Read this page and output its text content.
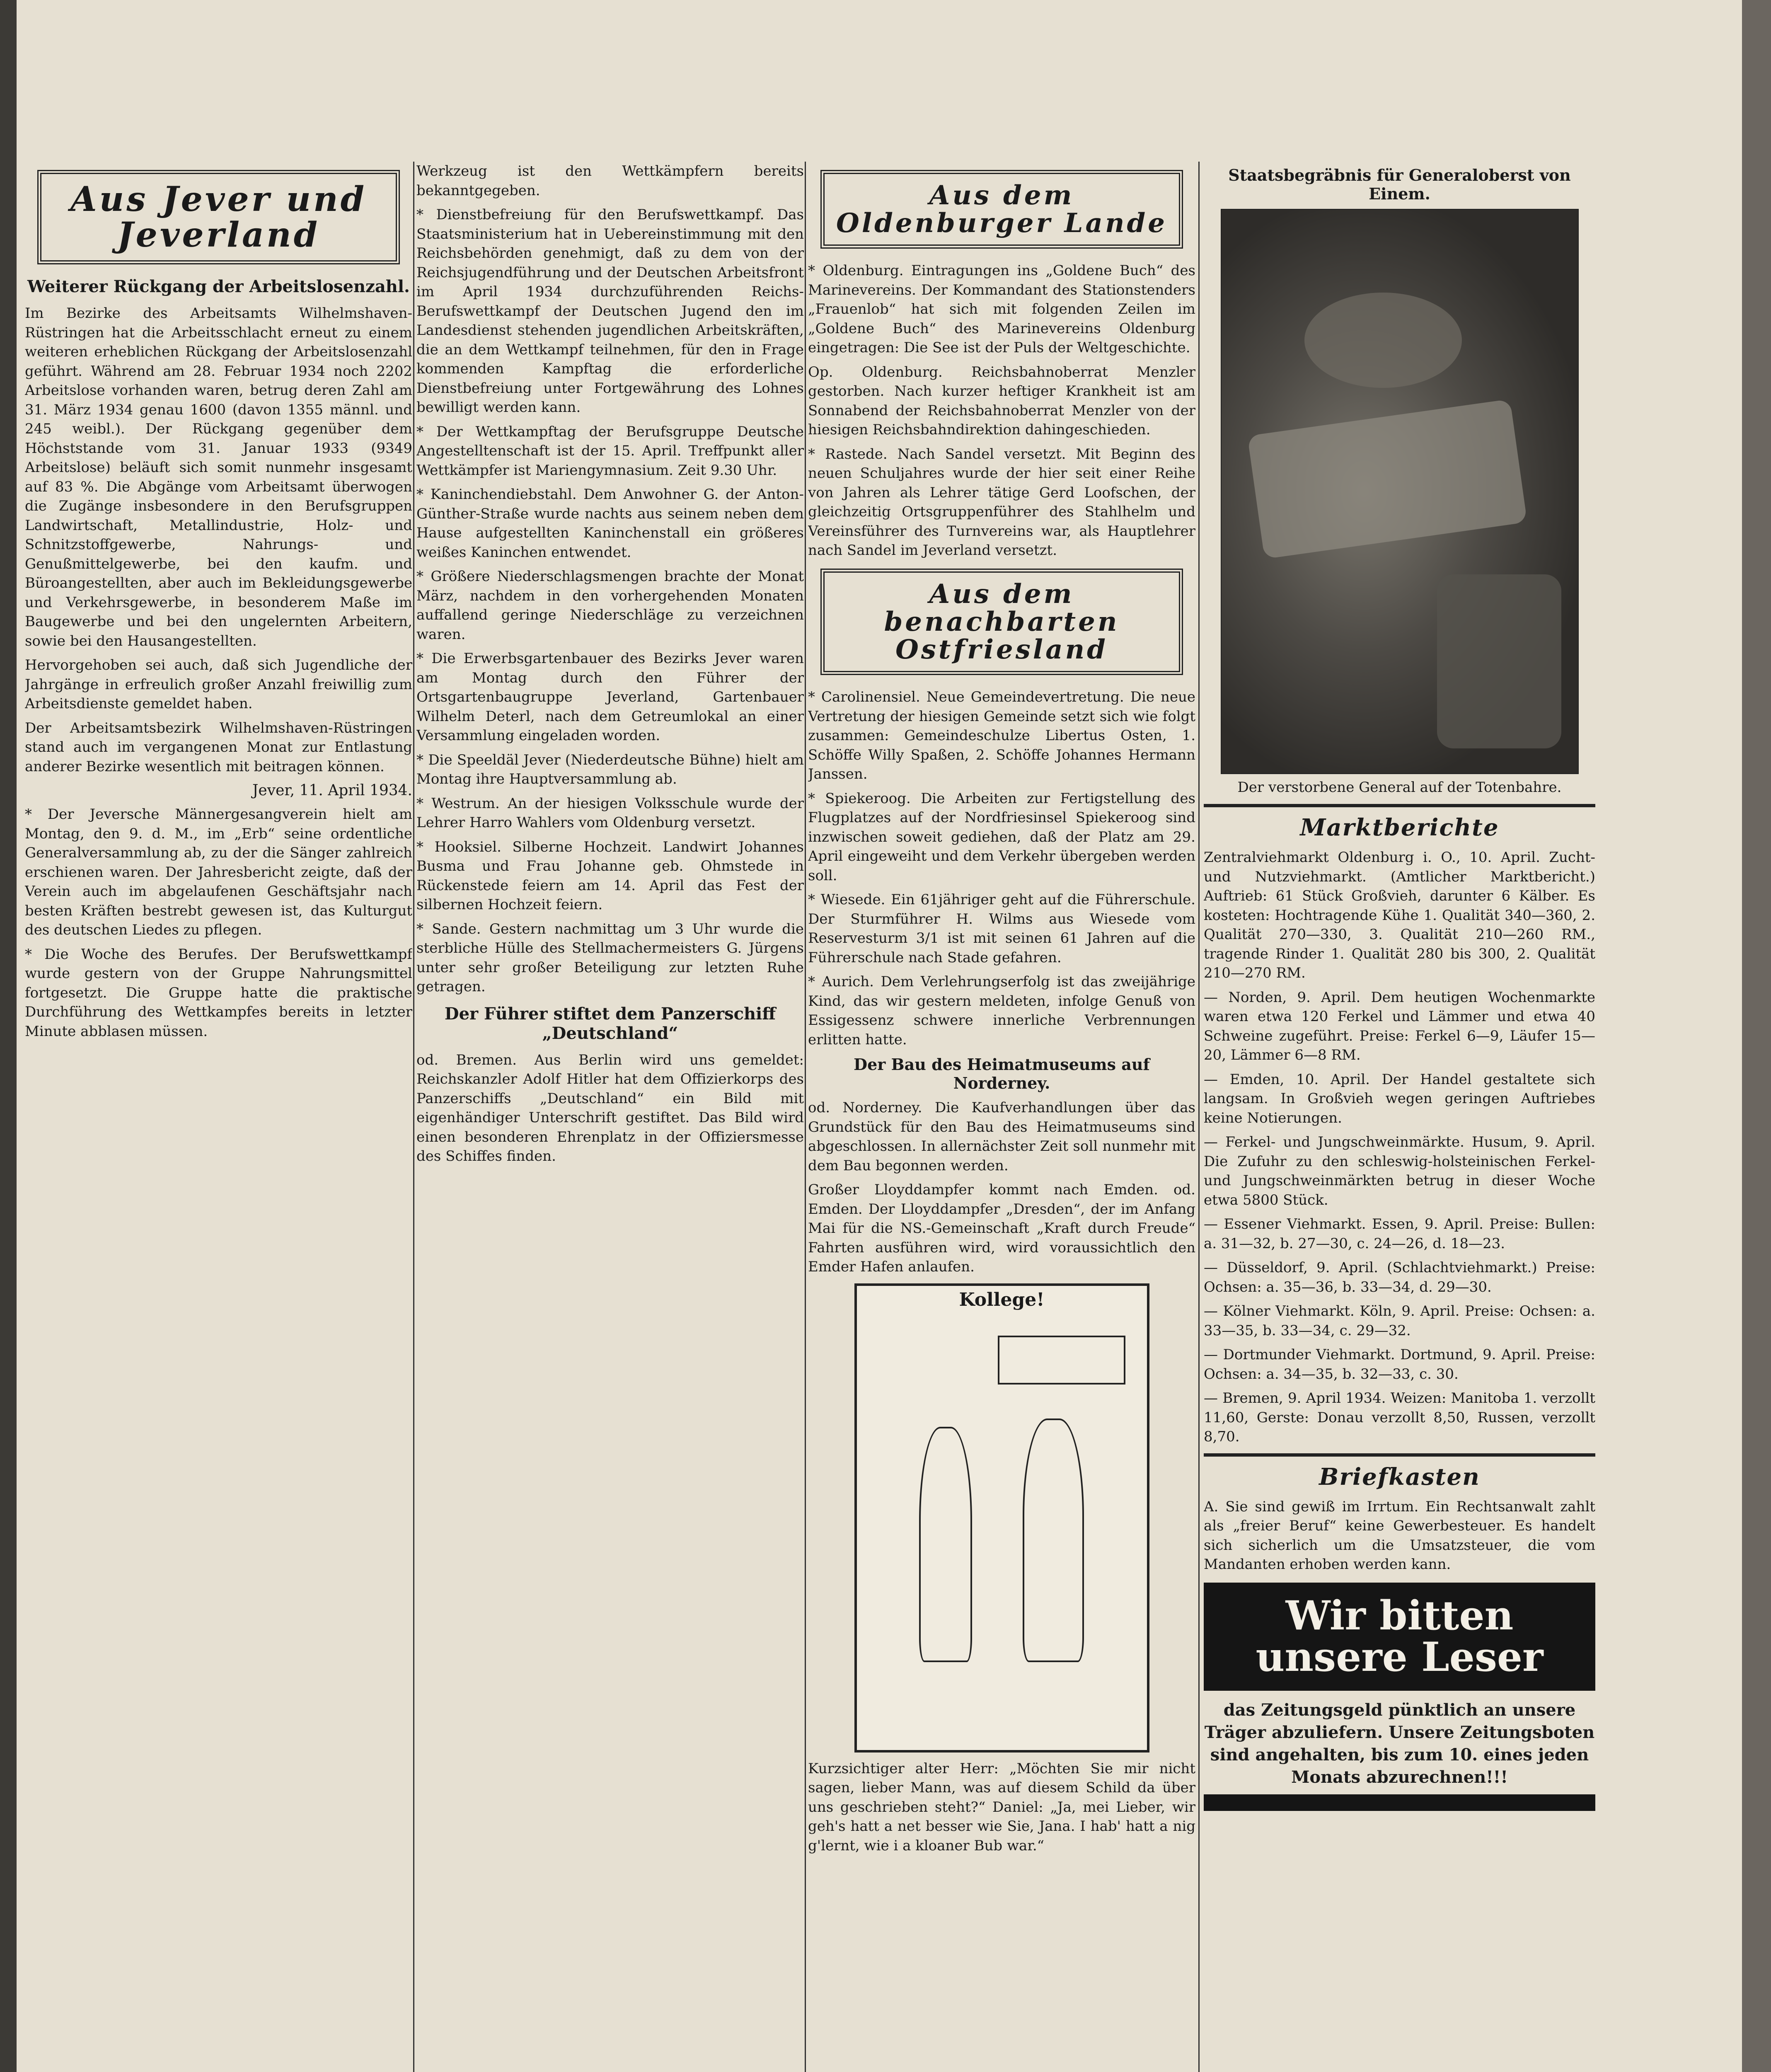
Aus Jever und Jeverland
Weiterer Rückgang der Arbeitslosenzahl.

Im Bezirke des Arbeitsamts Wilhelmshaven-Rüstringen hat die Arbeitsschlacht erneut zu einem weiteren erheblichen Rückgang der Arbeitslosenzahl geführt. Während am 28. Februar 1934 noch 2202 Arbeitslose vorhanden waren, betrug deren Zahl am 31. März 1934 genau 1600 (davon 1355 männl. und 245 weibl.). Der Rückgang gegenüber dem Höchststande vom 31. Januar 1933 (9349 Arbeitslose) beläuft sich somit nunmehr insgesamt auf 83 %. Die Abgänge vom Arbeitsamt überwogen die Zugänge insbesondere in den Berufsgruppen Landwirtschaft, Metallindustrie, Holz- und Schnitzstoffgewerbe, Nahrungs- und Genußmittelgewerbe, bei den kaufm. und Büroangestellten, aber auch im Bekleidungsgewerbe und Verkehrsgewerbe, in besonderem Maße im Baugewerbe und bei den ungelernten Arbeitern, sowie bei den Hausangestellten.

Hervorgehoben sei auch, daß sich Jugendliche der Jahrgänge in erfreulich großer Anzahl freiwillig zum Arbeitsdienste gemeldet haben.

Der Arbeitsamtsbezirk Wilhelmshaven-Rüstringen stand auch im vergangenen Monat zur Entlastung anderer Bezirke wesentlich mit beitragen können.

Jever, 11. April 1934.

* Der Jeversche Männergesangverein hielt am Montag, den 9. d. M., im „Erb“ seine ordentliche Generalversammlung ab, zu der die Sänger zahlreich erschienen waren. Der Jahresbericht zeigte, daß der Verein auch im abgelaufenen Geschäftsjahr nach besten Kräften bestrebt gewesen ist, das Kulturgut des deutschen Liedes zu pflegen.

* Die Woche des Berufes. Der Berufswettkampf wurde gestern von der Gruppe Nahrungsmittel fortgesetzt. Die Gruppe hatte die praktische Durchführung des Wettkampfes bereits in letzter Minute abblasen müssen.

Werkzeug ist den Wettkämpfern bereits bekanntgegeben.

* Dienstbefreiung für den Berufswettkampf. Das Staatsministerium hat in Uebereinstimmung mit den Reichsbehörden genehmigt, daß zu dem von der Reichsjugendführung und der Deutschen Arbeitsfront im April 1934 durchzuführenden Reichs-Berufswettkampf der Deutschen Jugend den im Landesdienst stehenden jugendlichen Arbeitskräften, die an dem Wettkampf teilnehmen, für den in Frage kommenden Kampftag die erforderliche Dienstbefreiung unter Fortgewährung des Lohnes bewilligt werden kann.

* Der Wettkampftag der Berufsgruppe Deutsche Angestelltenschaft ist der 15. April. Treffpunkt aller Wettkämpfer ist Mariengymnasium. Zeit 9.30 Uhr.

* Kaninchendiebstahl. Dem Anwohner G. der Anton-Günther-Straße wurde nachts aus seinem neben dem Hause aufgestellten Kaninchenstall ein größeres weißes Kaninchen entwendet.

* Größere Niederschlagsmengen brachte der Monat März, nachdem in den vorhergehenden Monaten auffallend geringe Niederschläge zu verzeichnen waren.

* Die Erwerbsgartenbauer des Bezirks Jever waren am Montag durch den Führer der Ortsgartenbaugruppe Jeverland, Gartenbauer Wilhelm Deterl, nach dem Getreumlokal an einer Versammlung eingeladen worden.

* Die Speeldäl Jever (Niederdeutsche Bühne) hielt am Montag ihre Hauptversammlung ab.

* Westrum. An der hiesigen Volksschule wurde der Lehrer Harro Wahlers vom Oldenburg versetzt.

* Hooksiel. Silberne Hochzeit. Landwirt Johannes Busma und Frau Johanne geb. Ohmstede in Rückenstede feiern am 14. April das Fest der silbernen Hochzeit feiern.

* Sande. Gestern nachmittag um 3 Uhr wurde die sterbliche Hülle des Stellmachermeisters G. Jürgens unter sehr großer Beteiligung zur letzten Ruhe getragen.

Der Führer stiftet dem Panzerschiff „Deutschland“

od. Bremen. Aus Berlin wird uns gemeldet: Reichskanzler Adolf Hitler hat dem Offizierkorps des Panzerschiffs „Deutschland“ ein Bild mit eigenhändiger Unterschrift gestiftet. Das Bild wird einen besonderen Ehrenplatz in der Offiziersmesse des Schiffes finden.

Aus dem Oldenburger Lande

* Oldenburg. Eintragungen ins „Goldene Buch“ des Marinevereins. Der Kommandant des Stationstenders „Frauenlob“ hat sich mit folgenden Zeilen im „Goldene Buch“ des Marinevereins Oldenburg eingetragen: Die See ist der Puls der Weltgeschichte.

Op. Oldenburg. Reichsbahnoberrat Menzler gestorben. Nach kurzer heftiger Krankheit ist am Sonnabend der Reichsbahnoberrat Menzler von der hiesigen Reichsbahndirektion dahingeschieden.

* Rastede. Nach Sandel versetzt. Mit Beginn des neuen Schuljahres wurde der hier seit einer Reihe von Jahren als Lehrer tätige Gerd Loofschen, der gleichzeitig Ortsgruppenführer des Stahlhelm und Vereinsführer des Turnvereins war, als Hauptlehrer nach Sandel im Jeverland versetzt.

Aus dem benachbarten Ostfriesland

* Carolinensiel. Neue Gemeindevertretung. Die neue Vertretung der hiesigen Gemeinde setzt sich wie folgt zusammen: Gemeindeschulze Libertus Osten, 1. Schöffe Willy Spaßen, 2. Schöffe Johannes Hermann Janssen.

* Spiekeroog. Die Arbeiten zur Fertigstellung des Flugplatzes auf der Nordfriesinsel Spiekeroog sind inzwischen soweit gediehen, daß der Platz am 29. April eingeweiht und dem Verkehr übergeben werden soll.

* Wiesede. Ein 61jähriger geht auf die Führerschule. Der Sturmführer H. Wilms aus Wiesede vom Reservesturm 3/1 ist mit seinen 61 Jahren auf die Führerschule nach Stade gefahren.

* Aurich. Dem Verlehrungserfolg ist das zweijährige Kind, das wir gestern meldeten, infolge Genuß von Essigessenz schwere innerliche Verbrennungen erlitten hatte.

Der Bau des Heimatmuseums auf Norderney.

od. Norderney. Die Kaufverhandlungen über das Grundstück für den Bau des Heimatmuseums sind abgeschlossen. In allernächster Zeit soll nunmehr mit dem Bau begonnen werden.

Großer Lloyddampfer kommt nach Emden. od. Emden. Der Lloyddampfer „Dresden“, der im Anfang Mai für die NS.-Gemeinschaft „Kraft durch Freude“ Fahrten ausführen wird, wird voraussichtlich den Emder Hafen anlaufen.

Kollege!

Kurzsichtiger alter Herr: „Möchten Sie mir nicht sagen, lieber Mann, was auf diesem Schild da über uns geschrieben steht?“ Daniel: „Ja, mei Lieber, wir geh's hatt a net besser wie Sie, Jana. I hab' hatt a nig g'lernt, wie i a kloaner Bub war.“

Staatsbegräbnis für Generaloberst von Einem.
Der verstorbene General auf der Totenbahre.
Marktberichte

Zentralviehmarkt Oldenburg i. O., 10. April. Zucht- und Nutzviehmarkt. (Amtlicher Marktbericht.) Auftrieb: 61 Stück Großvieh, darunter 6 Kälber. Es kosteten: Hochtragende Kühe 1. Qualität 340—360, 2. Qualität 270—330, 3. Qualität 210—260 RM., tragende Rinder 1. Qualität 280 bis 300, 2. Qualität 210—270 RM.

— Norden, 9. April. Dem heutigen Wochenmarkte waren etwa 120 Ferkel und Lämmer und etwa 40 Schweine zugeführt. Preise: Ferkel 6—9, Läufer 15—20, Lämmer 6—8 RM.

— Emden, 10. April. Der Handel gestaltete sich langsam. In Großvieh wegen geringen Auftriebes keine Notierungen.

— Ferkel- und Jungschweinmärkte. Husum, 9. April. Die Zufuhr zu den schleswig-holsteinischen Ferkel- und Jungschweinmärkten betrug in dieser Woche etwa 5800 Stück.

— Essener Viehmarkt. Essen, 9. April. Preise: Bullen: a. 31—32, b. 27—30, c. 24—26, d. 18—23.

— Düsseldorf, 9. April. (Schlachtviehmarkt.) Preise: Ochsen: a. 35—36, b. 33—34, d. 29—30.

— Kölner Viehmarkt. Köln, 9. April. Preise: Ochsen: a. 33—35, b. 33—34, c. 29—32.

— Dortmunder Viehmarkt. Dortmund, 9. April. Preise: Ochsen: a. 34—35, b. 32—33, c. 30.

— Bremen, 9. April 1934. Weizen: Manitoba 1. verzollt 11,60, Gerste: Donau verzollt 8,50, Russen, verzollt 8,70.

Briefkasten

A. Sie sind gewiß im Irrtum. Ein Rechtsanwalt zahlt als „freier Beruf“ keine Gewerbesteuer. Es handelt sich sicherlich um die Umsatzsteuer, die vom Mandanten erhoben werden kann.

Wir bitten
unsere Leser
das Zeitungsgeld pünktlich an unsere Träger abzuliefern. Unsere Zeitungsboten sind angehalten, bis zum 10. eines jeden Monats abzurechnen!!!
